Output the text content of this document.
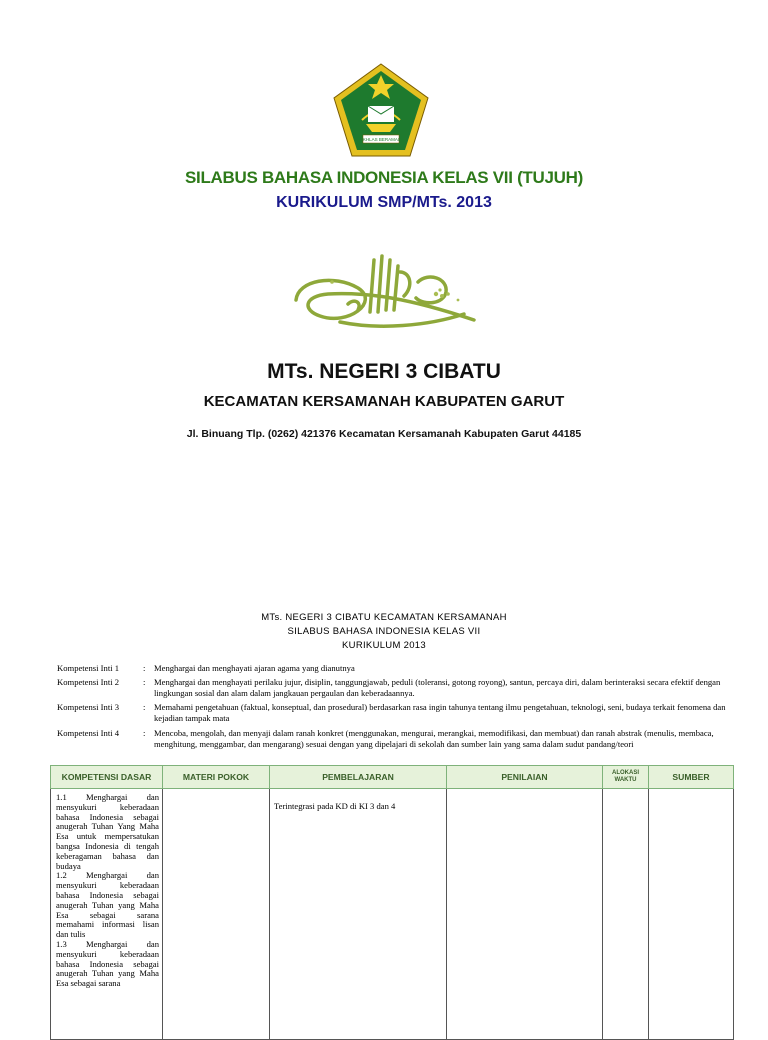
IKHLAS BERAMAL
SILABUS BAHASA INDONESIA KELAS VII (TUJUH)
KURIKULUM SMP/MTs. 2013
MTs. NEGERI 3 CIBATU
KECAMATAN KERSAMANAH KABUPATEN GARUT
Jl. Binuang Tlp. (0262) 421376 Kecamatan Kersamanah Kabupaten Garut 44185
MTs. NEGERI 3 CIBATU KECAMATAN KERSAMANAH
SILABUS BAHASA INDONESIA KELAS VII
KURIKULUM 2013
Kompetensi Inti 1	: Menghargai dan menghayati ajaran agama yang dianutnya
Kompetensi Inti 2	: Menghargai dan menghayati perilaku jujur, disiplin, tanggungjawab, peduli (toleransi, gotong royong), santun, percaya diri, dalam berinteraksi secara efektif dengan lingkungan sosial dan alam dalam jangkauan pergaulan dan keberadaannya.
Kompetensi Inti 3	: Memahami pengetahuan (faktual, konseptual, dan prosedural) berdasarkan rasa ingin tahunya tentang ilmu pengetahuan, teknologi, seni, budaya terkait fenomena dan kejadian tampak mata
Kompetensi Inti 4	: Mencoba, mengolah, dan menyaji dalam ranah konkret (menggunakan, mengurai, merangkai, memodifikasi, dan membuat) dan ranah abstrak (menulis, membaca, menghitung, menggambar, dan mengarang) sesuai dengan yang dipelajari di sekolah dan sumber lain yang sama dalam sudut pandang/teori
KOMPETENSI DASAR	MATERI POKOK	PEMBELAJARAN	PENILAIAN	ALOKASI WAKTU	SUMBER

1.1 Menghargai dan mensyukuri keberadaan bahasa Indonesia sebagai anugerah Tuhan Yang Maha Esa untuk mempersatukan bangsa Indonesia di tengah keberagaman bahasa dan budaya

1.2 Menghargai dan mensyukuri keberadaan bahasa Indonesia sebagai anugerah Tuhan yang Maha Esa sebagai sarana memahami informasi lisan dan tulis

1.3 Menghargai dan mensyukuri keberadaan bahasa Indonesia sebagai anugerah Tuhan yang Maha Esa sebagai sarana		Terintegrasi pada KD di KI 3 dan 4			
